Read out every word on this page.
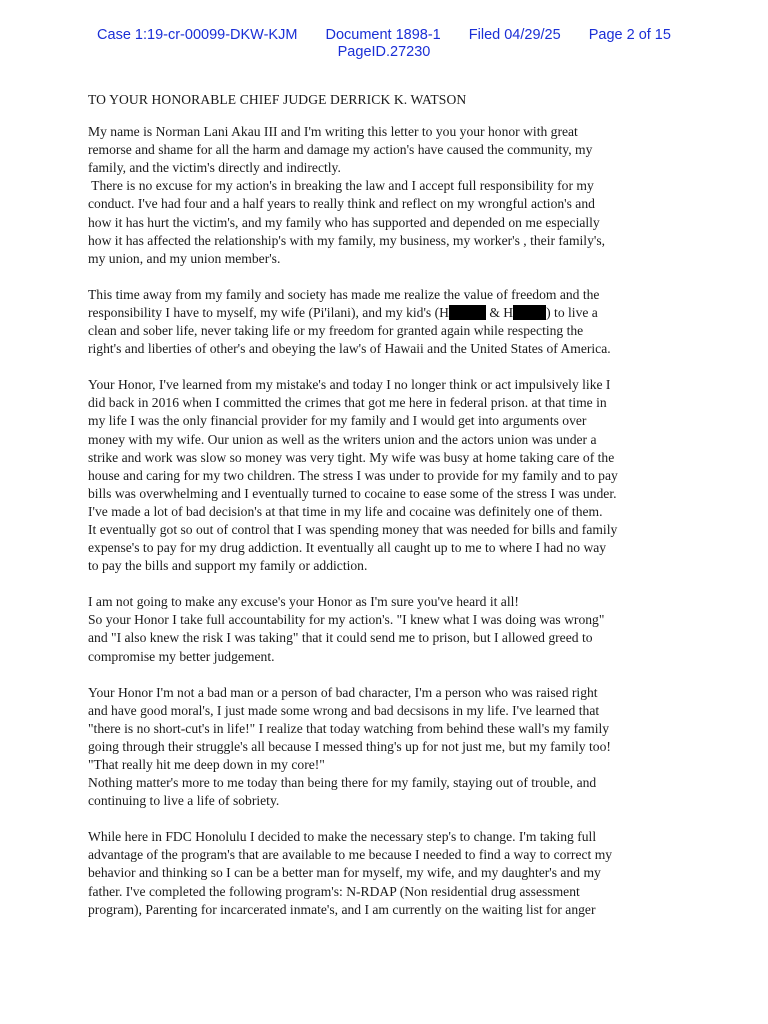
Case 1:19-cr-00099-DKW-KJM Document 1898-1 Filed 04/29/25 Page 2 of 15
PageID.27230
TO YOUR HONORABLE CHIEF JUDGE DERRICK K. WATSON
My name is Norman Lani Akau III and I'm writing this letter to you your honor with great
remorse and shame for all the harm and damage my action's have caused the community, my
family, and the victim's directly and indirectly.
There is no excuse for my action's in breaking the law and I accept full responsibility for my
conduct. I've had four and a half years to really think and reflect on my wrongful action's and
how it has hurt the victim's, and my family who has supported and depended on me especially
how it has affected the relationship's with my family, my business, my worker's , their family's,
my union, and my union member's.
This time away from my family and society has made me realize the value of freedom and the
responsibility I have to myself, my wife (Pi'ilani), and my kid's (H	& H ) to live a
clean and sober life, never taking life or my freedom for granted again while respecting the
right's and liberties of other's and obeying the law's of Hawaii and the United States of America.
Your Honor, I've learned from my mistake's and today I no longer think or act impulsively like I
did back in 2016 when I committed the crimes that got me here in federal prison. at that time in
my life I was the only financial provider for my family and I would get into arguments over
money with my wife. Our union as well as the writers union and the actors union was under a
strike and work was slow so money was very tight. My wife was busy at home taking care of the
house and caring for my two children. The stress I was under to provide for my family and to pay
bills was overwhelming and I eventually turned to cocaine to ease some of the stress I was under.
I've made a lot of bad decision's at that time in my life and cocaine was definitely one of them.
It eventually got so out of control that I was spending money that was needed for bills and family
expense's to pay for my drug addiction. It eventually all caught up to me to where I had no way
to pay the bills and support my family or addiction.
I am not going to make any excuse's your Honor as I'm sure you've heard it all!
So your Honor I take full accountability for my action's. "I knew what I was doing was wrong"
and "I also knew the risk I was taking" that it could send me to prison, but I allowed greed to
compromise my better judgement.
Your Honor I'm not a bad man or a person of bad character, I'm a person who was raised right
and have good moral's, I just made some wrong and bad decsisons in my life. I've learned that
"there is no short-cut's in life!" I realize that today watching from behind these wall's my family
going through their struggle's all because I messed thing's up for not just me, but my family too!
"That really hit me deep down in my core!"
Nothing matter's more to me today than being there for my family, staying out of trouble, and
continuing to live a life of sobriety.
While here in FDC Honolulu I decided to make the necessary step's to change. I'm taking full
advantage of the program's that are available to me because I needed to find a way to correct my
behavior and thinking so I can be a better man for myself, my wife, and my daughter's and my
father. I've completed the following program's: N-RDAP (Non residential drug assessment
program), Parenting for incarcerated inmate's, and I am currently on the waiting list for anger
